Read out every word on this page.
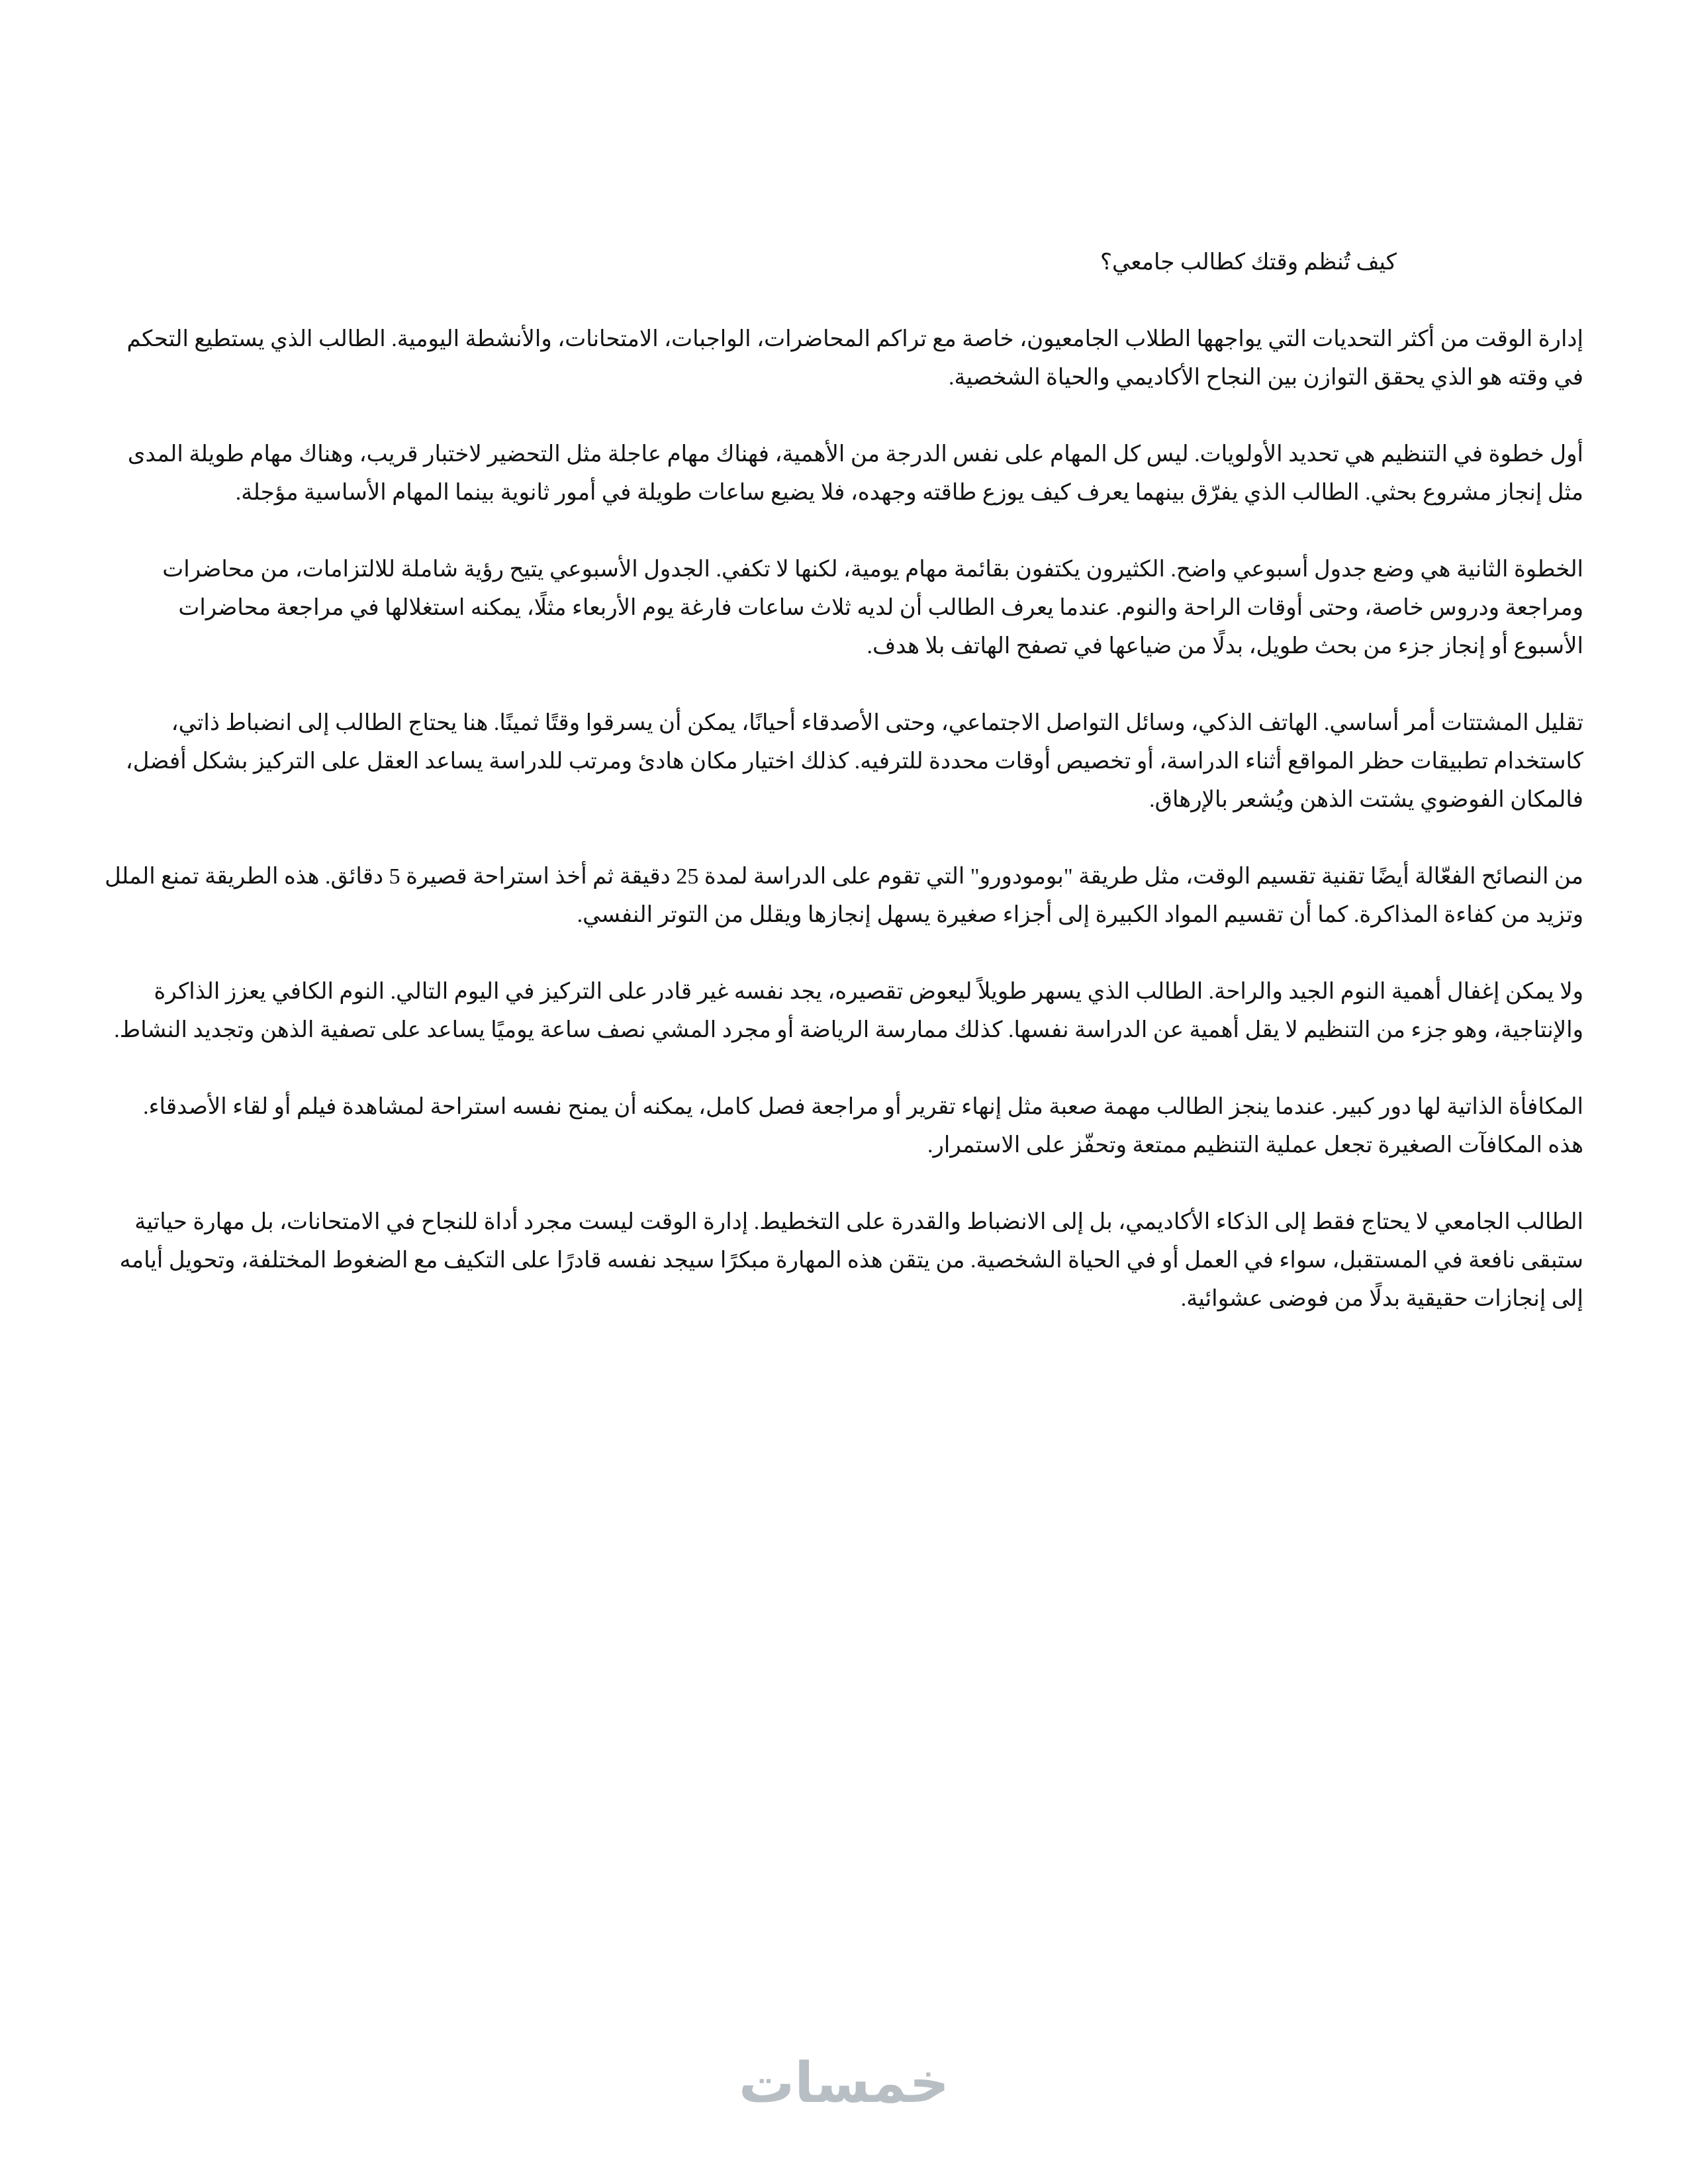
كيف تُنظم وقتك كطالب جامعي؟

إدارة الوقت من أكثر التحديات التي يواجهها الطلاب الجامعيون، خاصة مع تراكم المحاضرات، الواجبات، الامتحانات، والأنشطة اليومية. الطالب الذي يستطيع التحكم في وقته هو الذي يحقق التوازن بين النجاح الأكاديمي والحياة الشخصية.

أول خطوة في التنظيم هي تحديد الأولويات. ليس كل المهام على نفس الدرجة من الأهمية، فهناك مهام عاجلة مثل التحضير لاختبار قريب، وهناك مهام طويلة المدى مثل إنجاز مشروع بحثي. الطالب الذي يفرّق بينهما يعرف كيف يوزع طاقته وجهده، فلا يضيع ساعات طويلة في أمور ثانوية بينما المهام الأساسية مؤجلة.

الخطوة الثانية هي وضع جدول أسبوعي واضح. الكثيرون يكتفون بقائمة مهام يومية، لكنها لا تكفي. الجدول الأسبوعي يتيح رؤية شاملة للالتزامات، من محاضرات ومراجعة ودروس خاصة، وحتى أوقات الراحة والنوم. عندما يعرف الطالب أن لديه ثلاث ساعات فارغة يوم الأربعاء مثلًا، يمكنه استغلالها في مراجعة محاضرات الأسبوع أو إنجاز جزء من بحث طويل، بدلًا من ضياعها في تصفح الهاتف بلا هدف.

تقليل المشتتات أمر أساسي. الهاتف الذكي، وسائل التواصل الاجتماعي، وحتى الأصدقاء أحيانًا، يمكن أن يسرقوا وقتًا ثمينًا. هنا يحتاج الطالب إلى انضباط ذاتي، كاستخدام تطبيقات حظر المواقع أثناء الدراسة، أو تخصيص أوقات محددة للترفيه. كذلك اختيار مكان هادئ ومرتب للدراسة يساعد العقل على التركيز بشكل أفضل، فالمكان الفوضوي يشتت الذهن ويُشعر بالإرهاق.

من النصائح الفعّالة أيضًا تقنية تقسيم الوقت، مثل طريقة "بومودورو" التي تقوم على الدراسة لمدة 25 دقيقة ثم أخذ استراحة قصيرة 5 دقائق. هذه الطريقة تمنع الملل وتزيد من كفاءة المذاكرة. كما أن تقسيم المواد الكبيرة إلى أجزاء صغيرة يسهل إنجازها ويقلل من التوتر النفسي.

ولا يمكن إغفال أهمية النوم الجيد والراحة. الطالب الذي يسهر طويلاً ليعوض تقصيره، يجد نفسه غير قادر على التركيز في اليوم التالي. النوم الكافي يعزز الذاكرة والإنتاجية، وهو جزء من التنظيم لا يقل أهمية عن الدراسة نفسها. كذلك ممارسة الرياضة أو مجرد المشي نصف ساعة يوميًا يساعد على تصفية الذهن وتجديد النشاط.

المكافأة الذاتية لها دور كبير. عندما ينجز الطالب مهمة صعبة مثل إنهاء تقرير أو مراجعة فصل كامل، يمكنه أن يمنح نفسه استراحة لمشاهدة فيلم أو لقاء الأصدقاء. هذه المكافآت الصغيرة تجعل عملية التنظيم ممتعة وتحفّز على الاستمرار.

الطالب الجامعي لا يحتاج فقط إلى الذكاء الأكاديمي، بل إلى الانضباط والقدرة على التخطيط. إدارة الوقت ليست مجرد أداة للنجاح في الامتحانات، بل مهارة حياتية ستبقى نافعة في المستقبل، سواء في العمل أو في الحياة الشخصية. من يتقن هذه المهارة مبكرًا سيجد نفسه قادرًا على التكيف مع الضغوط المختلفة، وتحويل أيامه إلى إنجازات حقيقية بدلًا من فوضى عشوائية.

خمسات
